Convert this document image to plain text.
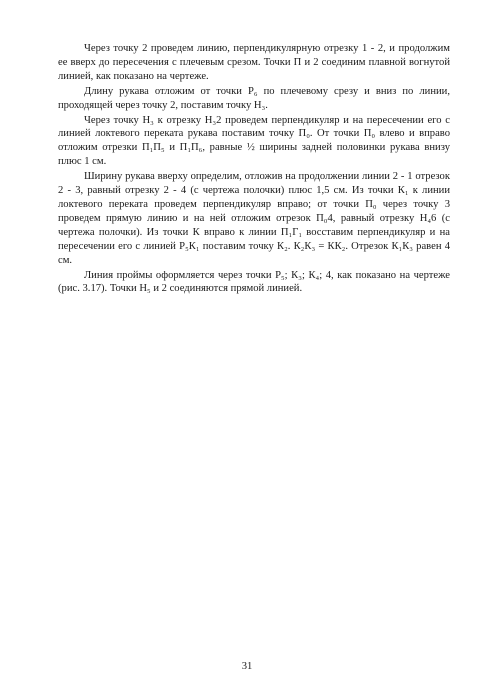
Через точку 2 проведем линию, перпендикулярную отрезку 1 - 2, и продолжим ее вверх до пересечения с плечевым срезом. Точки П и 2 соединим плавной вогнутой линией, как показано на чертеже.

Длину рукава отложим от точки Р₆ по плечевому срезу и вниз по линии, проходящей через точку 2, поставим точку Н₃.

Через точку Н₃ к отрезку Н₃2 проведем перпендикуляр и на пересечении его с линией локтевого переката рукава поставим точку П₀. От точки П₀ влево и вправо отложим отрезки П₁П₅ и П₁П₆, равные ½ ширины задней половинки рукава внизу плюс 1 см.

Ширину рукава вверху определим, отложив на продолжении линии 2 - 1 отрезок 2 - 3, равный отрезку 2 - 4 (с чертежа полочки) плюс 1,5 см. Из точки К₁ к линии локтевого переката проведем перпендикуляр вправо; от точки П₀ через точку 3 проведем прямую линию и на ней отложим отрезок П₀4, равный отрезку Н₄6 (с чертежа полочки). Из точки К вправо к линии П₁Г₁ восставим перпендикуляр и на пересечении его с линией Р₅К₁ поставим точку К₂. К₂К₃ = КК₂. Отрезок К₁К₃ равен 4 см.

Линия проймы оформляется через точки Р₅; К₃; К₄; 4, как показано на чертеже (рис. 3.17). Точки Н₅ и 2 соединяются прямой линией.

31
